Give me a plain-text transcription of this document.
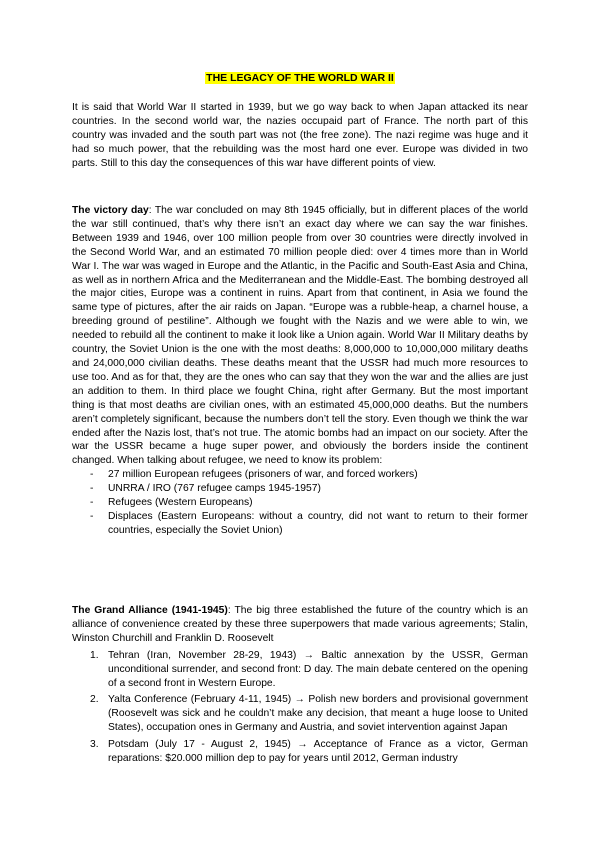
THE LEGACY OF THE WORLD WAR II

It is said that World War II started in 1939, but we go way back to when Japan attacked its near countries. In the second world war, the nazies occupaid part of France. The north part of this country was invaded and the south part was not (the free zone). The nazi regime was huge and it had so much power, that the rebuilding was the most hard one ever. Europe was divided in two parts. Still to this day the consequences of this war have different points of view.

The victory day: The war concluded on may 8th 1945 officially, but in different places of the world the war still continued, that’s why there isn’t an exact day where we can say the war finishes. Between 1939 and 1946, over 100 million people from over 30 countries were directly involved in the Second World War, and an estimated 70 million people died: over 4 times more than in World War I. The war was waged in Europe and the Atlantic, in the Pacific and South-East Asia and China, as well as in northern Africa and the Mediterranean and the Middle-East. The bombing destroyed all the major cities, Europe was a continent in ruins. Apart from that continent, in Asia we found the same type of pictures, after the air raids on Japan. “Europe was a rubble-heap, a charnel house, a breeding ground of pestiline”. Although we fought with the Nazis and we were able to win, we needed to rebuild all the continent to make it look like a Union again. World War II Military deaths by country, the Soviet Union is the one with the most deaths: 8,000,000 to 10,000,000 military deaths and 24,000,000 civilian deaths. These deaths meant that the USSR had much more resources to use too. And as for that, they are the ones who can say that they won the war and the allies are just an addition to them. In third place we fought China, right after Germany. But the most important thing is that most deaths are civilian ones, with an estimated 45,000,000 deaths. But the numbers aren’t completely significant, because the numbers don’t tell the story. Even though we think the war ended after the Nazis lost, that’s not true. The atomic bombs had an impact on our society. After the war the USSR became a huge super power, and obviously the borders inside the continent changed. When talking about refugee, we need to know its problem:

- 27 million European refugees (prisoners of war, and forced workers)
- UNRRA / IRO (767 refugee camps 1945-1957)
- Refugees (Western Europeans)
- Displaces (Eastern Europeans: without a country, did not want to return to their former countries, especially the Soviet Union)

The Grand Alliance (1941-1945): The big three established the future of the country which is an alliance of convenience created by these three superpowers that made various agreements; Stalin, Winston Churchill and Franklin D. Roosevelt

1. Tehran (Iran, November 28-29, 1943) → Baltic annexation by the USSR, German unconditional surrender, and second front: D day. The main debate centered on the opening of a second front in Western Europe.
2. Yalta Conference (February 4-11, 1945) → Polish new borders and provisional government (Roosevelt was sick and he couldn’t make any decision, that meant a huge loose to United States), occupation ones in Germany and Austria, and soviet intervention against Japan
3. Potsdam (July 17 - August 2, 1945) → Acceptance of France as a victor, German reparations: $20.000 million dep to pay for years until 2012, German industry
